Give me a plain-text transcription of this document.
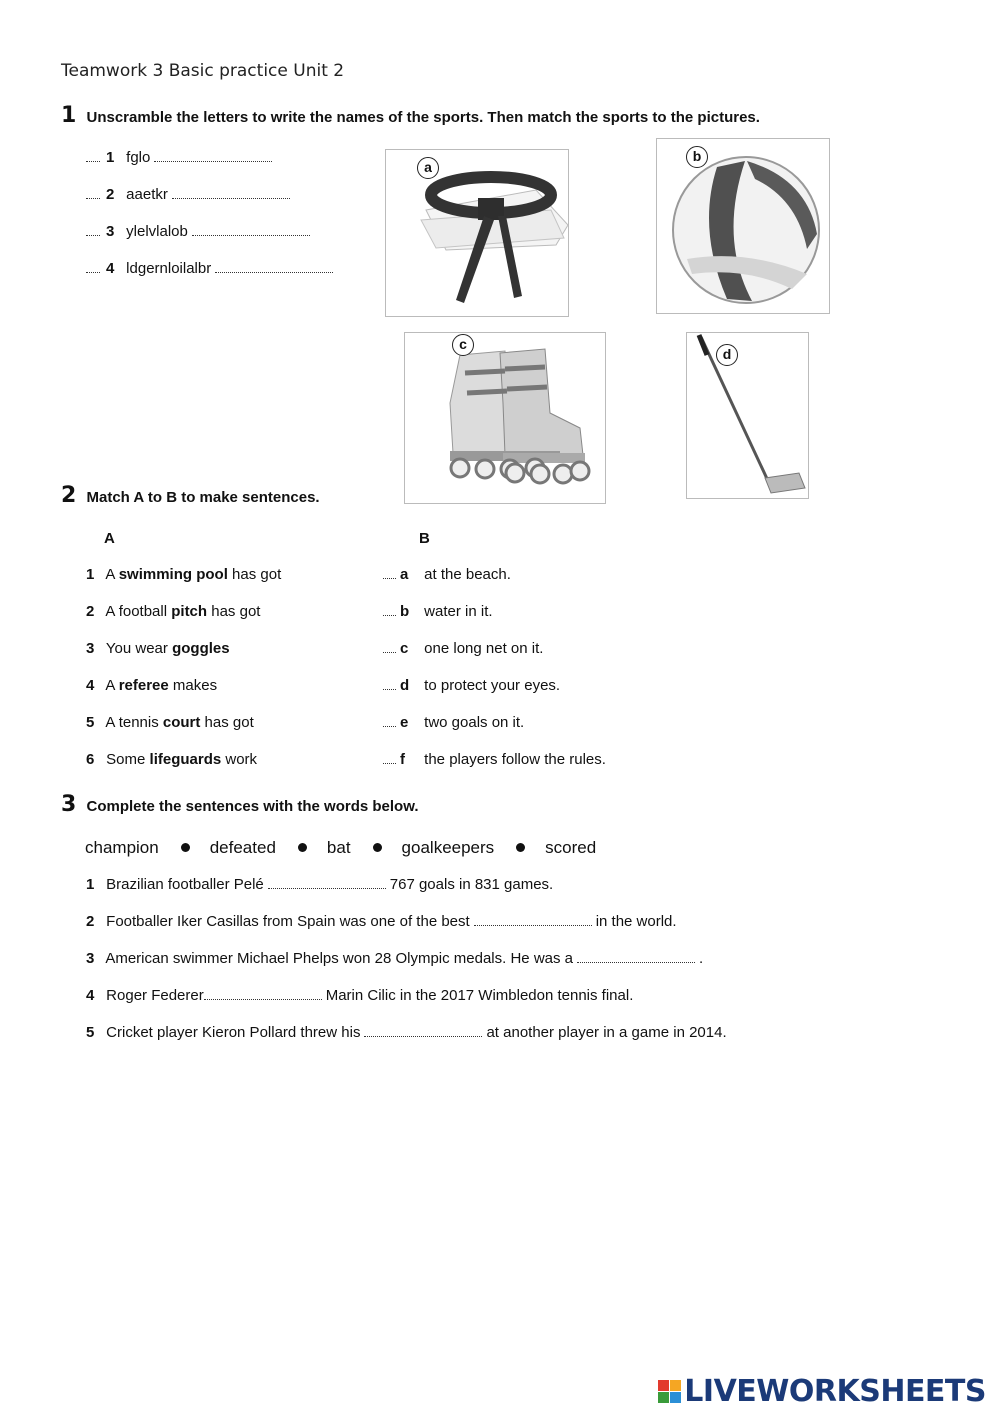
Teamwork 3 Basic practice Unit 2
1 Unscramble the letters to write the names of the sports. Then match the sports to the pictures.
1 fglo
2 aaetkr
3 ylelvlalob
4 ldgernloilalbr
a
b
c
d
2 Match A to B to make sentences.
A	B
1 A swimming pool has got	a at the beach.
2 A football pitch has got	b water in it.
3 You wear goggles	c one long net on it.
4 A referee makes	d to protect your eyes.
5 A tennis court has got	e two goals on it.
6 Some lifeguards work	f the players follow the rules.
3 Complete the sentences with the words below.
champion	defeated	bat	goalkeepers	scored
1 Brazilian footballer Pelé	767 goals in 831 games.
2 Footballer Iker Casillas from Spain was one of the best	in the world.
3 American swimmer Michael Phelps won 28 Olympic medals. He was a	.
4 Roger Federer	Marin Cilic in the 2017 Wimbledon tennis final.
5 Cricket player Kieron Pollard threw his	at another player in a game in 2014.
LIVEWORKSHEETS
